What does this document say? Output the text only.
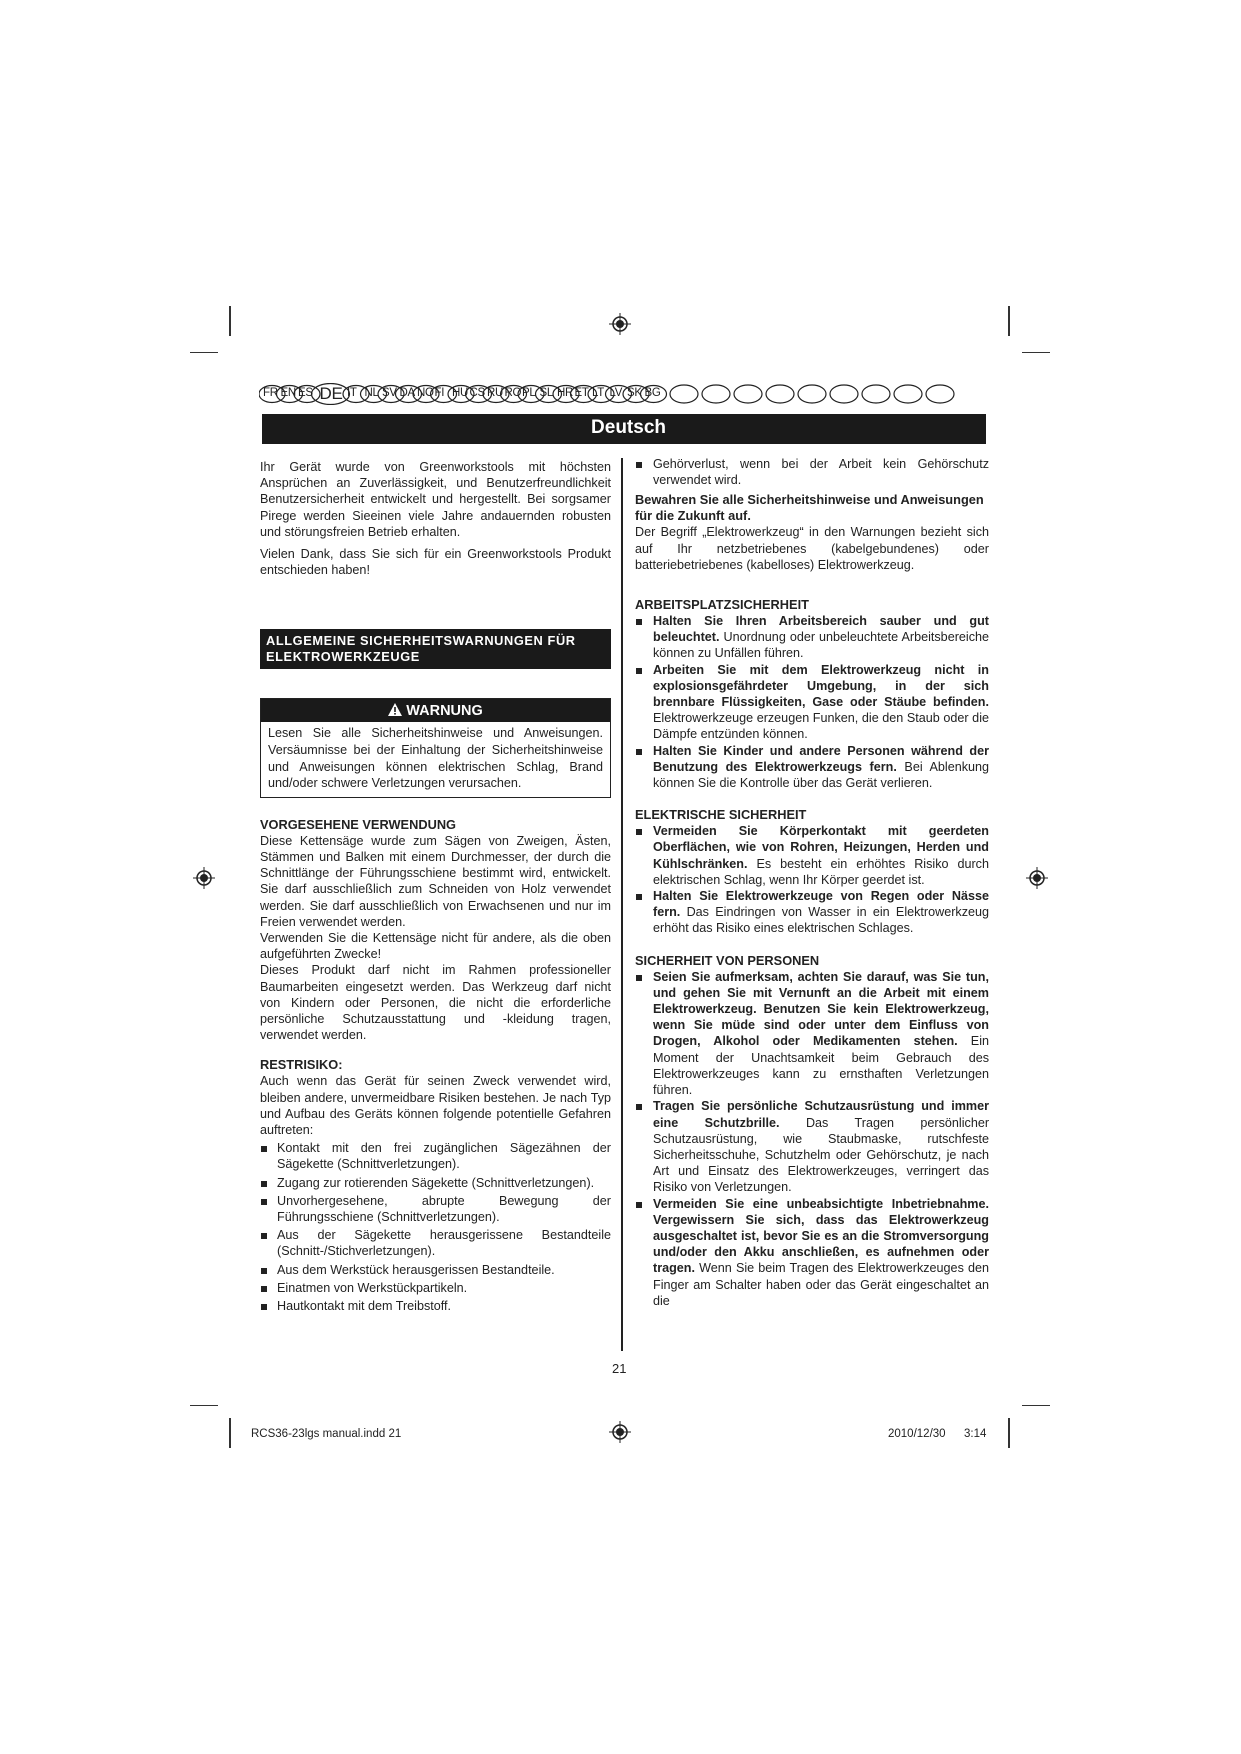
FR EN ES DE IT NL SV DA NO FI HU CS RU RO PL SL HR ET LT LV SK BG
Deutsch

Ihr Gerät wurde von Greenworkstools mit höchsten Ansprüchen an Zuverlässigkeit, und Benutzerfreundlichkeit Benutzersicherheit entwickelt und hergestellt. Bei sorgsamer Pirege werden Sieeinen viele Jahre andauernden robusten und störungsfreien Betrieb erhalten.

Vielen Dank, dass Sie sich für ein Greenworkstools Produkt entschieden haben!

ALLGEMEINE SICHERHEITSWARNUNGEN FÜR ELEKTROWERKZEUGE
WARNUNG
Lesen Sie alle Sicherheitshinweise und Anweisungen. Versäumnisse bei der Einhaltung der Sicherheitshinweise und Anweisungen können elektrischen Schlag, Brand und/oder schwere Verletzungen verursachen.
VORGESEHENE VERWENDUNG

Diese Kettensäge wurde zum Sägen von Zweigen, Ästen, Stämmen und Balken mit einem Durchmesser, der durch die Schnittlänge der Führungsschiene bestimmt wird, entwickelt. Sie darf ausschließlich zum Schneiden von Holz verwendet werden. Sie darf ausschließlich von Erwachsenen und nur im Freien verwendet werden.

Verwenden Sie die Kettensäge nicht für andere, als die oben aufgeführten Zwecke!

Dieses Produkt darf nicht im Rahmen professioneller Baumarbeiten eingesetzt werden. Das Werkzeug darf nicht von Kindern oder Personen, die nicht die erforderliche persönliche Schutzausstattung und -kleidung tragen, verwendet werden.

RESTRISIKO:

Auch wenn das Gerät für seinen Zweck verwendet wird, bleiben andere, unvermeidbare Risiken bestehen. Je nach Typ und Aufbau des Geräts können folgende potentielle Gefahren auftreten:

Kontakt mit den frei zugänglichen Sägezähnen der Sägekette (Schnittverletzungen).
Zugang zur rotierenden Sägekette (Schnittverletzungen).
Unvorhergesehene, abrupte Bewegung der Führungsschiene (Schnittverletzungen).
Aus der Sägekette herausgerissene Bestandteile (Schnitt-/Stichverletzungen).
Aus dem Werkstück herausgerissen Bestandteile.
Einatmen von Werkstückpartikeln.
Hautkontakt mit dem Treibstoff.
Gehörverlust, wenn bei der Arbeit kein Gehörschutz verwendet wird.
Bewahren Sie alle Sicherheitshinweise und Anweisungen für die Zukunft auf.

Der Begriff „Elektrowerkzeug“ in den Warnungen bezieht sich auf Ihr netzbetriebenes (kabelgebundenes) oder batteriebetriebenes (kabelloses) Elektrowerkzeug.

ARBEITSPLATZSICHERHEIT
Halten Sie Ihren Arbeitsbereich sauber und gut beleuchtet. Unordnung oder unbeleuchtete Arbeitsbereiche können zu Unfällen führen.
Arbeiten Sie mit dem Elektrowerkzeug nicht in explosionsgefährdeter Umgebung, in der sich brennbare Flüssigkeiten, Gase oder Stäube befinden. Elektrowerkzeuge erzeugen Funken, die den Staub oder die Dämpfe entzünden können.
Halten Sie Kinder und andere Personen während der Benutzung des Elektrowerkzeugs fern. Bei Ablenkung können Sie die Kontrolle über das Gerät verlieren.
ELEKTRISCHE SICHERHEIT
Vermeiden Sie Körperkontakt mit geerdeten Oberflächen, wie von Rohren, Heizungen, Herden und Kühlschränken. Es besteht ein erhöhtes Risiko durch elektrischen Schlag, wenn Ihr Körper geerdet ist.
Halten Sie Elektrowerkzeuge von Regen oder Nässe fern. Das Eindringen von Wasser in ein Elektrowerkzeug erhöht das Risiko eines elektrischen Schlages.
SICHERHEIT VON PERSONEN
Seien Sie aufmerksam, achten Sie darauf, was Sie tun, und gehen Sie mit Vernunft an die Arbeit mit einem Elektrowerkzeug. Benutzen Sie kein Elektrowerkzeug, wenn Sie müde sind oder unter dem Einfluss von Drogen, Alkohol oder Medikamenten stehen. Ein Moment der Unachtsamkeit beim Gebrauch des Elektrowerkzeuges kann zu ernsthaften Verletzungen führen.
Tragen Sie persönliche Schutzausrüstung und immer eine Schutzbrille. Das Tragen persönlicher Schutzausrüstung, wie Staubmaske, rutschfeste Sicherheitsschuhe, Schutzhelm oder Gehörschutz, je nach Art und Einsatz des Elektrowerkzeuges, verringert das Risiko von Verletzungen.
Vermeiden Sie eine unbeabsichtigte Inbetriebnahme. Vergewissern Sie sich, dass das Elektrowerkzeug ausgeschaltet ist, bevor Sie es an die Stromversorgung und/oder den Akku anschließen, es aufnehmen oder tragen. Wenn Sie beim Tragen des Elektrowerkzeuges den Finger am Schalter haben oder das Gerät eingeschaltet an die
21
RCS36-23lgs manual.indd 21	2010/12/30 3:14
